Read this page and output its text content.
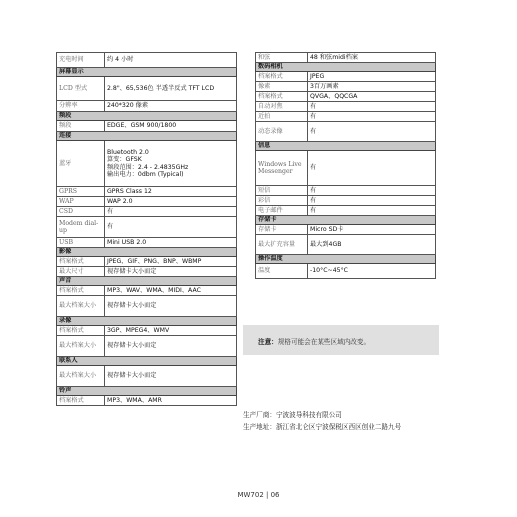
充电时间	约 4 小时
屏幕显示	
LCD 型式	2.8"、65,536色 半透半反式 TFT LCD
分辨率	240*320 像素
频段	
频段	EDGE、GSM 900/1800
连接	
蓝牙	Bluetooth 2.0
算变：GFSK
频段范围：2.4 - 2.4835GHz
输出电力：0dbm (Typical)
GPRS	GPRS Class 12
WAP	WAP 2.0
CSD	有
Modem dial-up	有
USB	Mini USB 2.0
影像	
档案格式	JPEG、GIF、PNG、BNP、WBMP
最大尺寸	视存储卡大小而定
声音	
档案格式	MP3、WAV、WMA、MIDI、AAC
最大档案大小	视存储卡大小而定
录像	
档案格式	3GP、MPEG4、WMV
最大档案大小	视存储卡大小而定
联系人	
最大档案大小	视存储卡大小而定
铃声	
档案格式	MP3、WMA、AMR
和弦	48 和弦midi档案
数码相机	
档案格式	JPEG
像素	3百万画素
档案格式	QVGA、QQCGA
自动对焦	有
近拍	有
动态录像	有
信息	
Windows Live Messenger	有
短信	有
彩信	有
电子邮件	有
存储卡	
存储卡	Micro SD卡
最大扩充容量	最大到4GB
操作温度	
温度	-10°C~45°C
注意：规格可能会在某些区域内改变。
生产厂商：宁波波导科技有限公司
生产地址：浙江省北仑区宁波保税区西区创业二路九号
MW702 | 06
